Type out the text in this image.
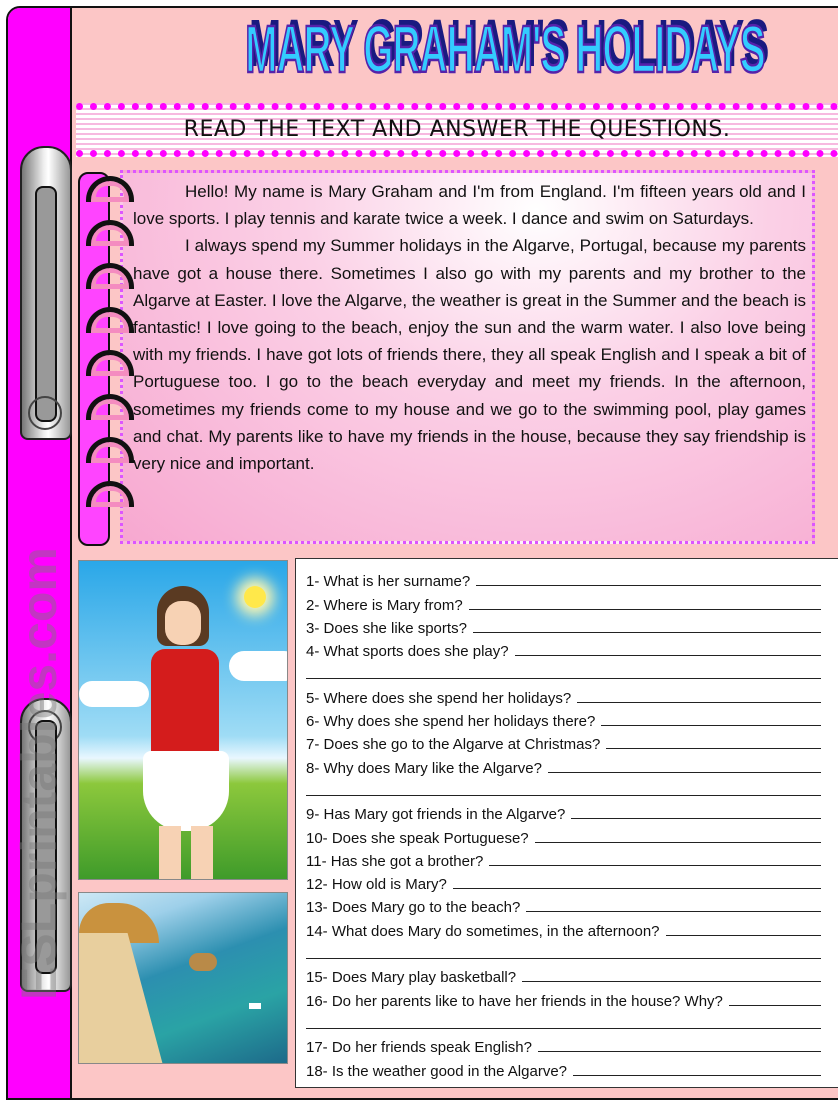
MARY GRAHAM'S HOLIDAYS
READ THE TEXT AND ANSWER THE QUESTIONS.

Hello! My name is Mary Graham and I'm from England. I'm fifteen years old and I love sports. I play tennis and karate twice a week. I dance and swim on Saturdays.

I always spend my Summer holidays in the Algarve, Portugal, because my parents have got a house there. Sometimes I also go with my parents and my brother to the Algarve at Easter. I love the Algarve, the weather is great in the Summer and the beach is fantastic! I love going to the beach, enjoy the sun and the warm water. I also love being with my friends. I have got lots of friends there, they all speak English and I speak a bit of Portuguese too. I go to the beach everyday and meet my friends. In the afternoon, sometimes my friends come to my house and we go to the swimming pool, play games and chat. My parents like to have my friends in the house, because they say friendship is very nice and important.

1- What is her surname?
2- Where is Mary from?
3- Does she like sports?
4- What sports does she play?
5- Where does she spend her holidays?
6- Why does she spend her holidays there?
7- Does she go to the Algarve at Christmas?
8- Why does Mary like the Algarve?
9- Has Mary got friends in the Algarve?
10- Does she speak Portuguese?
11- Has she got a brother?
12- How old is Mary?
13- Does Mary go to the beach?
14- What does Mary do sometimes, in the afternoon?
15- Does Mary play basketball?
16- Do her parents like to have her friends in the house? Why?
17- Do her friends speak English?
18- Is the weather good in the Algarve?
ESLprintables.com
